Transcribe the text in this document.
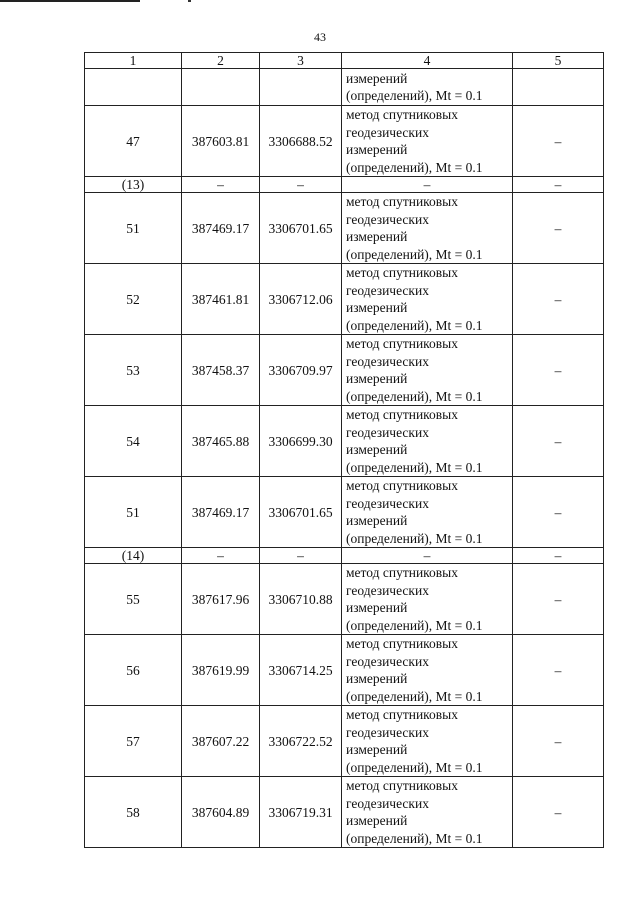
43
1	2	3	4	5

			измерений
(определений), Mt = 0.1	

47	387603.81	3306688.52	метод спутниковых
геодезических
измерений
(определений), Mt = 0.1	–
(13)	–	–	–	–
51	387469.17	3306701.65	метод спутниковых
геодезических
измерений
(определений), Mt = 0.1	–
52	387461.81	3306712.06	метод спутниковых
геодезических
измерений
(определений), Mt = 0.1	–
53	387458.37	3306709.97	метод спутниковых
геодезических
измерений
(определений), Mt = 0.1	–
54	387465.88	3306699.30	метод спутниковых
геодезических
измерений
(определений), Mt = 0.1	–
51	387469.17	3306701.65	метод спутниковых
геодезических
измерений
(определений), Mt = 0.1	–
(14)	–	–	–	–
55	387617.96	3306710.88	метод спутниковых
геодезических
измерений
(определений), Mt = 0.1	–
56	387619.99	3306714.25	метод спутниковых
геодезических
измерений
(определений), Mt = 0.1	–
57	387607.22	3306722.52	метод спутниковых
геодезических
измерений
(определений), Mt = 0.1	–
58	387604.89	3306719.31	метод спутниковых
геодезических
измерений
(определений), Mt = 0.1	–
